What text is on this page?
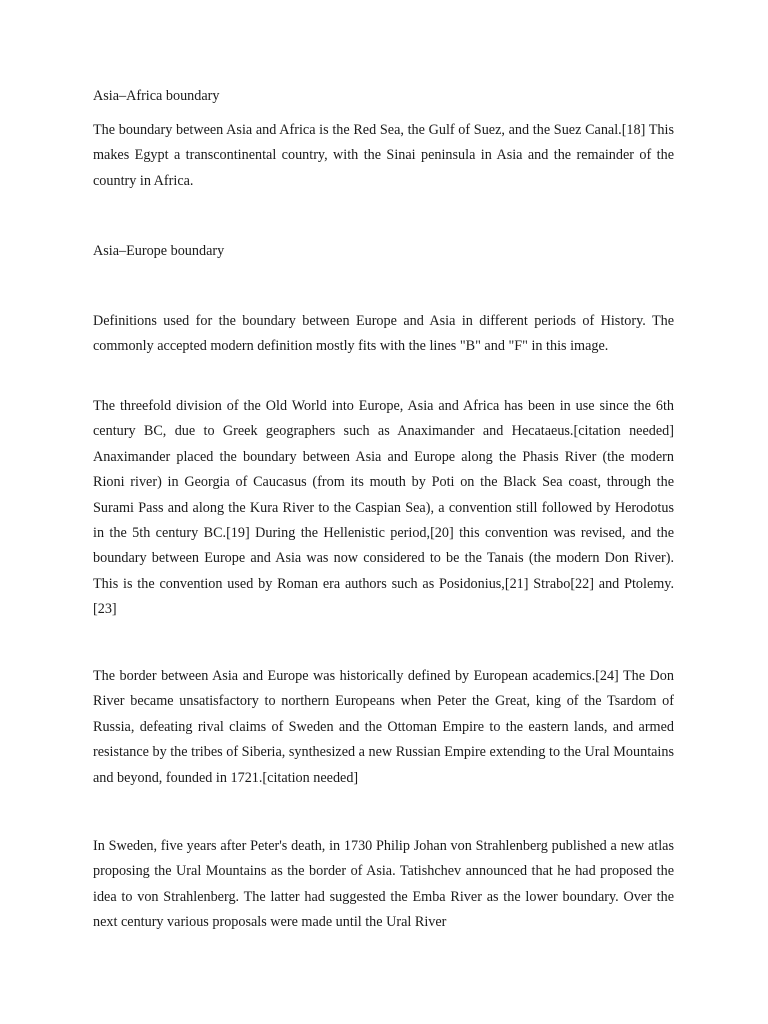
Asia–Africa boundary

The boundary between Asia and Africa is the Red Sea, the Gulf of Suez, and the Suez Canal.[18] This makes Egypt a transcontinental country, with the Sinai peninsula in Asia and the remainder of the country in Africa.

Asia–Europe boundary

Definitions used for the boundary between Europe and Asia in different periods of History. The commonly accepted modern definition mostly fits with the lines "B" and "F" in this image.

The threefold division of the Old World into Europe, Asia and Africa has been in use since the 6th century BC, due to Greek geographers such as Anaximander and Hecataeus.[citation needed] Anaximander placed the boundary between Asia and Europe along the Phasis River (the modern Rioni river) in Georgia of Caucasus (from its mouth by Poti on the Black Sea coast, through the Surami Pass and along the Kura River to the Caspian Sea), a convention still followed by Herodotus in the 5th century BC.[19] During the Hellenistic period,[20] this convention was revised, and the boundary between Europe and Asia was now considered to be the Tanais (the modern Don River). This is the convention used by Roman era authors such as Posidonius,[21] Strabo[22] and Ptolemy.[23]

The border between Asia and Europe was historically defined by European academics.[24] The Don River became unsatisfactory to northern Europeans when Peter the Great, king of the Tsardom of Russia, defeating rival claims of Sweden and the Ottoman Empire to the eastern lands, and armed resistance by the tribes of Siberia, synthesized a new Russian Empire extending to the Ural Mountains and beyond, founded in 1721.[citation needed]

In Sweden, five years after Peter's death, in 1730 Philip Johan von Strahlenberg published a new atlas proposing the Ural Mountains as the border of Asia. Tatishchev announced that he had proposed the idea to von Strahlenberg. The latter had suggested the Emba River as the lower boundary. Over the next century various proposals were made until the Ural River
